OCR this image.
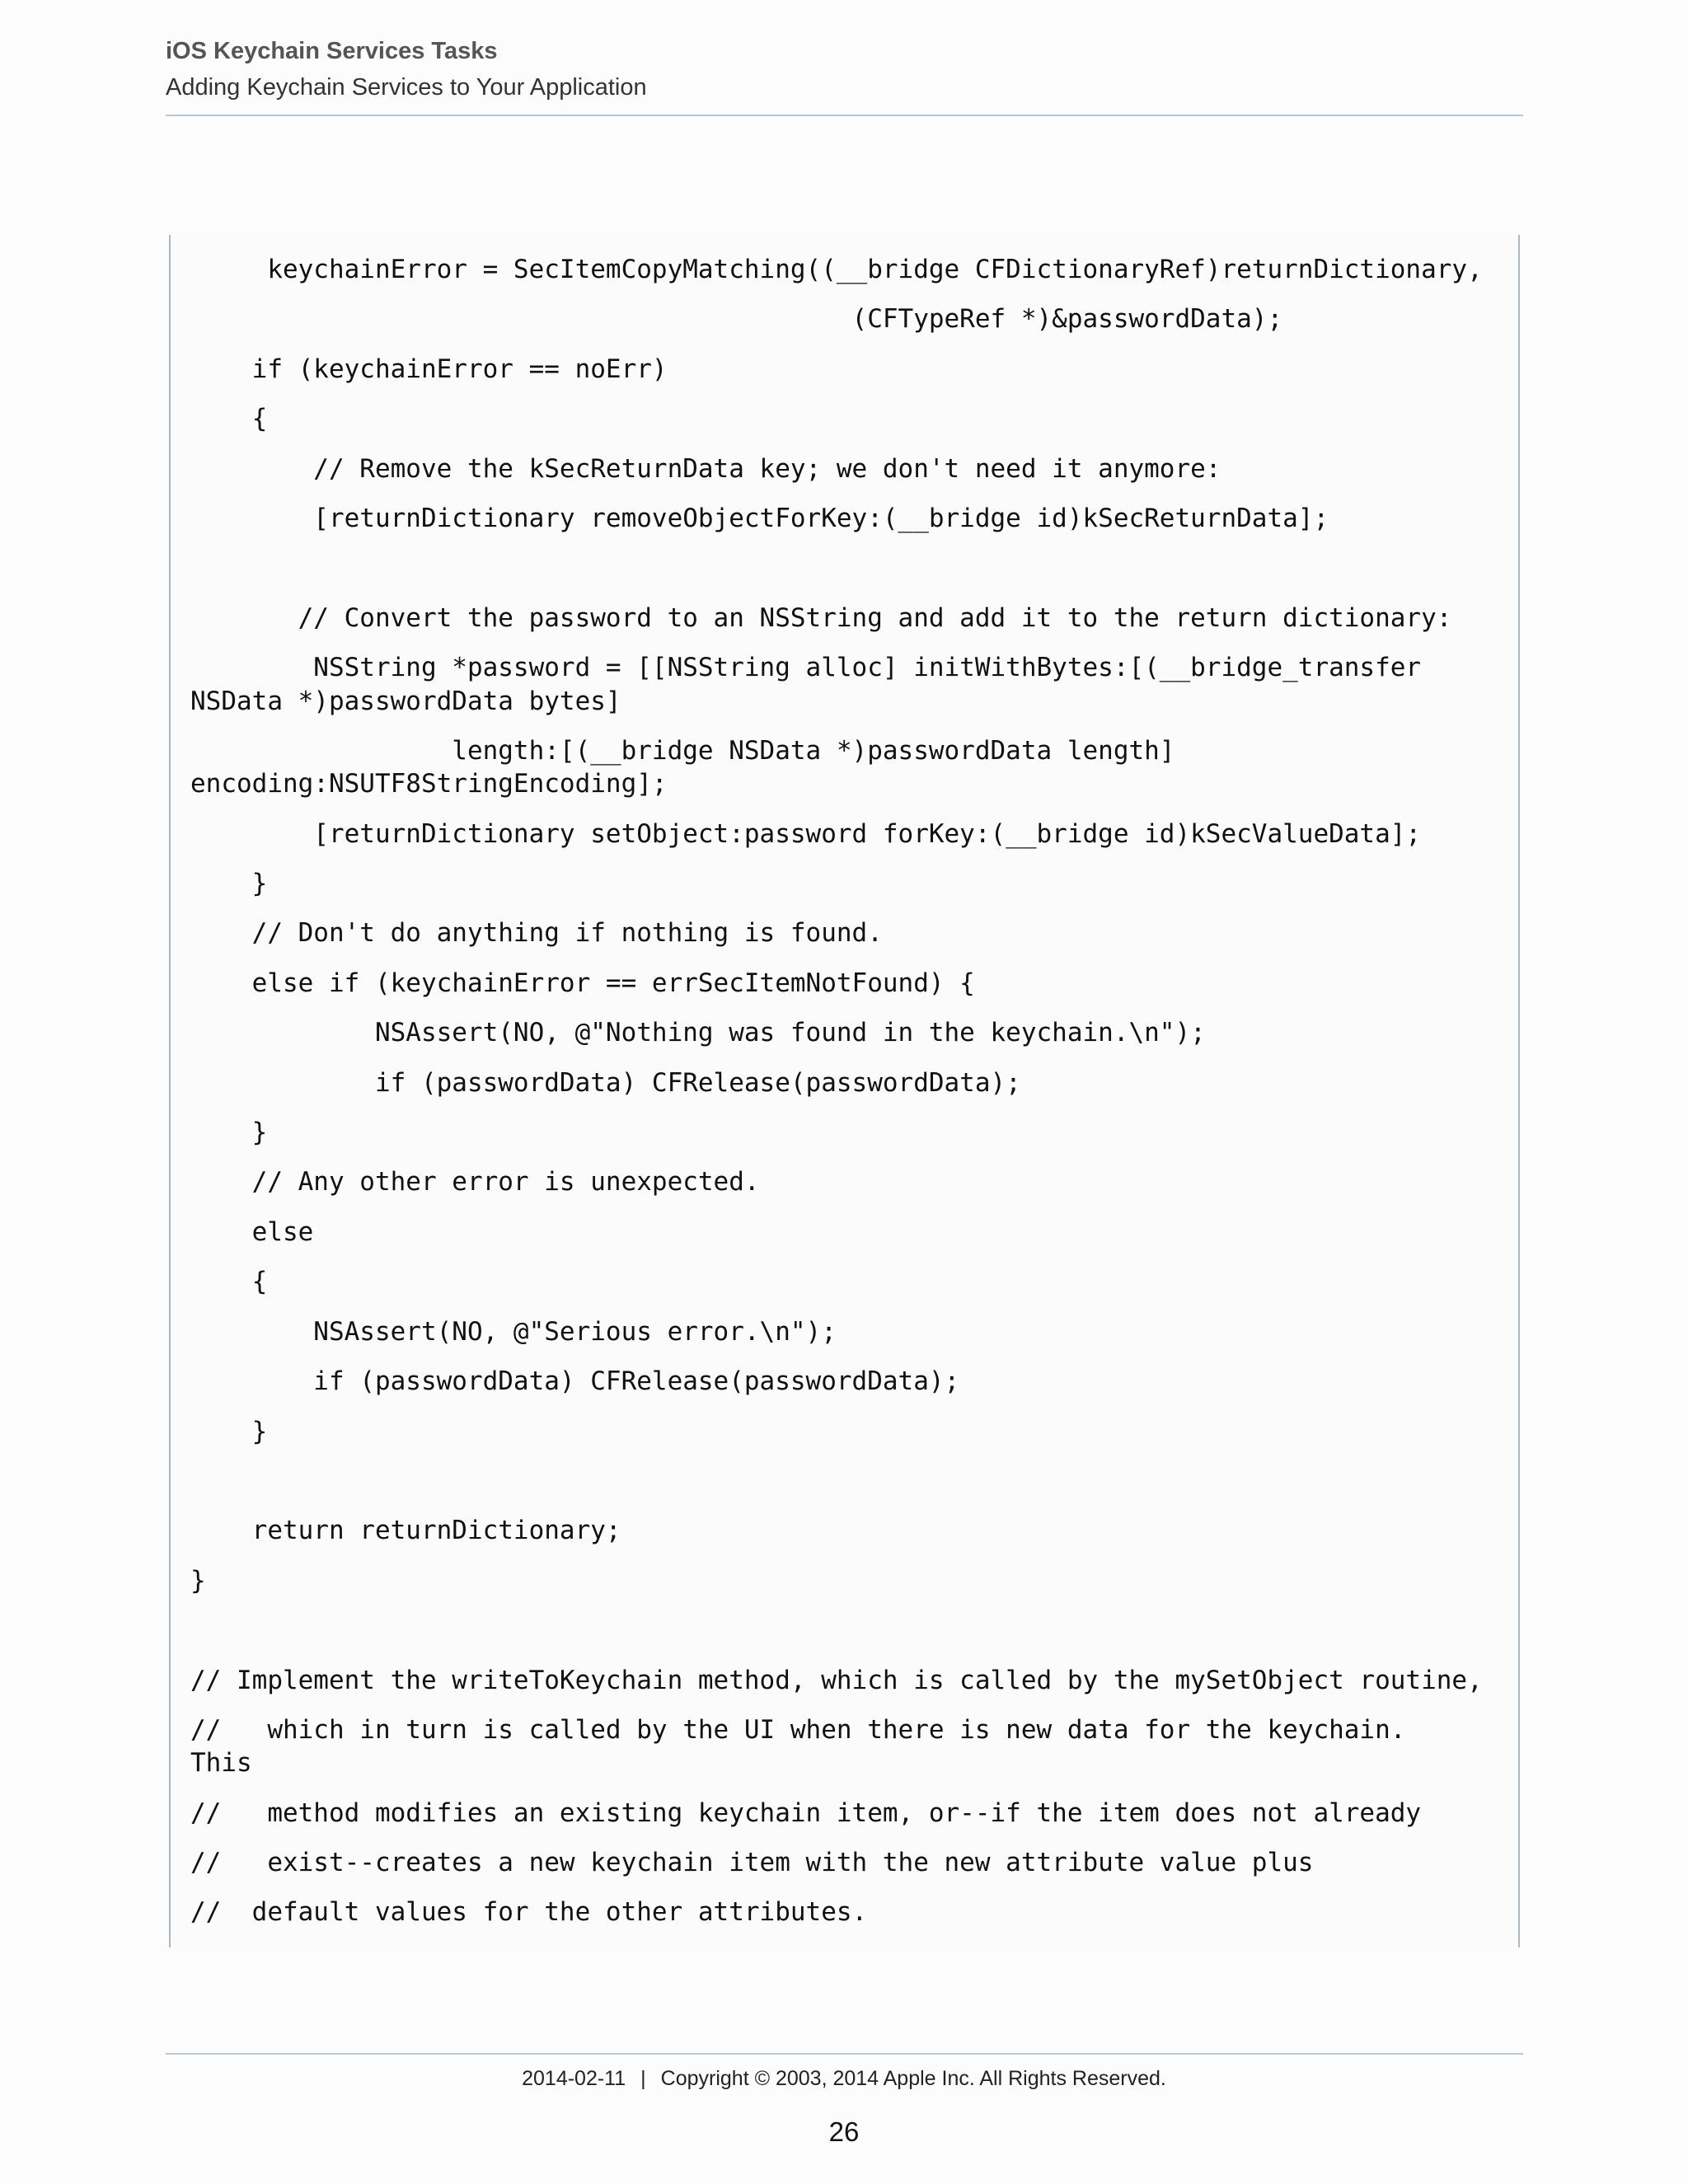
iOS Keychain Services Tasks
Adding Keychain Services to Your Application
keychainError = SecItemCopyMatching((__bridge CFDictionaryRef)returnDictionary,
(CFTypeRef *)&passwordData);
if (keychainError == noErr)
{
// Remove the kSecReturnData key; we don't need it anymore:
[returnDictionary removeObjectForKey:(__bridge id)kSecReturnData];
// Convert the password to an NSString and add it to the return dictionary:
NSString *password = [[NSString alloc] initWithBytes:[(__bridge_transfer
NSData *)passwordData bytes]
length:[(__bridge NSData *)passwordData length]
encoding:NSUTF8StringEncoding];
[returnDictionary setObject:password forKey:(__bridge id)kSecValueData];
}
// Don't do anything if nothing is found.
else if (keychainError == errSecItemNotFound) {
NSAssert(NO, @"Nothing was found in the keychain.\n");
if (passwordData) CFRelease(passwordData);
}
// Any other error is unexpected.
else
{
NSAssert(NO, @"Serious error.\n");
if (passwordData) CFRelease(passwordData);
}
return returnDictionary;
}
// Implement the writeToKeychain method, which is called by the mySetObject routine,
//   which in turn is called by the UI when there is new data for the keychain.
This
//   method modifies an existing keychain item, or--if the item does not already
//   exist--creates a new keychain item with the new attribute value plus
//  default values for the other attributes.
2014-02-11 | Copyright © 2003, 2014 Apple Inc. All Rights Reserved.
26
